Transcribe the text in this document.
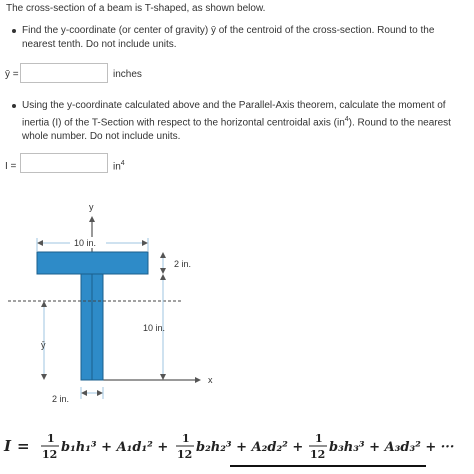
The cross-section of a beam is T-shaped, as shown below.
Find the y-coordinate (or center of gravity) ȳ of the centroid of the cross-section. Round to the
nearest tenth. Do not include units.
ȳ =	inches
Using the y-coordinate calculated above and the Parallel-Axis theorem, calculate the moment of
inertia (I) of the T-Section with respect to the horizontal centroidal axis $(in^4)$. Round to the nearest
whole number. Do not include units.
I =	$in^4$
y
x
10 in.
2 in.
10 in.
ȳ
2 in.
I = 1
12 b₁h₁³ + A₁d₁² +
1
12 b₂h₂³ + A₂d₂² +
1
12 b₃h₃³ + A₃d₃² + ···
